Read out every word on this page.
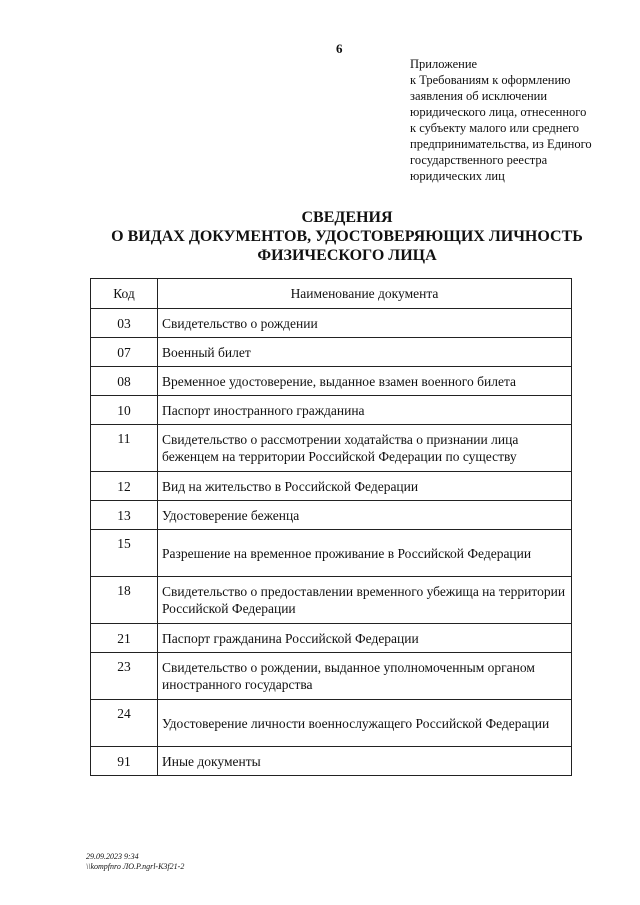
6
Приложение
к Требованиям к оформлению
заявления об исключении
юридического лица, отнесенного
к субъекту малого или среднего
предпринимательства, из Единого
государственного реестра
юридических лиц
СВЕДЕНИЯ
О ВИДАХ ДОКУМЕНТОВ, УДОСТОВЕРЯЮЩИХ ЛИЧНОСТЬ
ФИЗИЧЕСКОГО ЛИЦА
Код	Наименование документа
03	Свидетельство о рождении
07	Военный билет
08	Временное удостоверение, выданное взамен военного билета
10	Паспорт иностранного гражданина
11	Свидетельство о рассмотрении ходатайства о признании лица беженцем на территории Российской Федерации по существу
12	Вид на жительство в Российской Федерации
13	Удостоверение беженца
15	Разрешение на временное проживание в Российской Федерации
18	Свидетельство о предоставлении временного убежища на территории Российской Федерации
21	Паспорт гражданина Российской Федерации
23	Свидетельство о рождении, выданное уполномоченным органом иностранного государства
24	Удостоверение личности военнослужащего Российской Федерации
91	Иные документы
29.09.2023 9:34
\\kompfnro ЛО.Р.ngrl-K3f21-2
